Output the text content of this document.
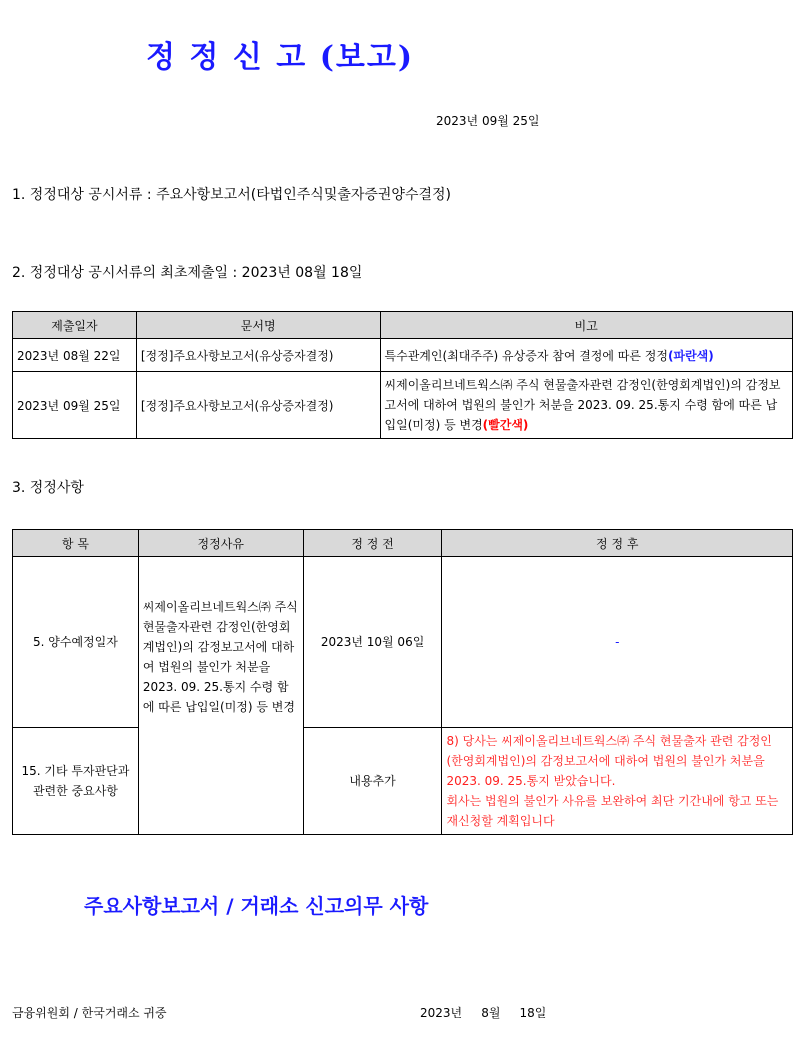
정 정 신 고 (보고)
2023년 09월 25일
1. 정정대상 공시서류 : 주요사항보고서(타법인주식및출자증권양수결정)
2. 정정대상 공시서류의 최초제출일 : 2023년 08월 18일
제출일자	문서명	비고
2023년 08월 22일	[정정]주요사항보고서(유상증자결정)	특수관계인(최대주주) 유상증자 참여 결정에 따른 정정(파란색)
2023년 09월 25일	[정정]주요사항보고서(유상증자결정)	씨제이올리브네트웍스㈜ 주식 현물출자관련 감정인(한영회계법인)의 감정보고서에 대하여 법원의 불인가 처분을 2023. 09. 25.통지 수령 함에 따른 납입일(미정) 등 변경(빨간색)
3. 정정사항
항 목	정정사유	정 정 전	정 정 후
5. 양수예정일자	씨제이올리브네트웍스㈜ 주식 현물출자관련 감정인(한영회계법인)의 감정보고서에 대하여 법원의 불인가 처분을 2023. 09. 25.통지 수령 함에 따른 납입일(미정) 등 변경	2023년 10월 06일	-
15. 기타 투자판단과 관련한 중요사항		내용추가	8) 당사는 씨제이올리브네트웍스㈜ 주식 현물출자 관련 감정인(한영회계법인)의 감정보고서에 대하여 법원의 불인가 처분을 2023. 09. 25.통지 받았습니다.
회사는 법원의 불인가 사유를 보완하여 최단 기간내에 항고 또는 재신청할 계획입니다
주요사항보고서 / 거래소 신고의무 사항
금융위원회 / 한국거래소 귀중	2023년     8월     18일
